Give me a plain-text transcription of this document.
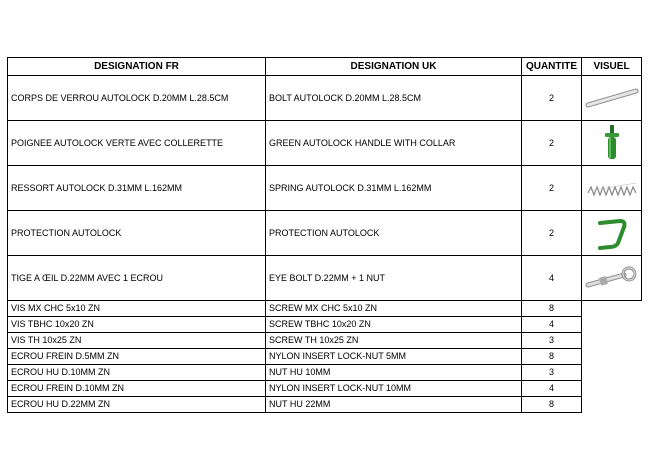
DESIGNATION FR	DESIGNATION UK	QUANTITE	VISUEL
CORPS DE VERROU AUTOLOCK D.20MM L.28.5CM	BOLT AUTOLOCK D.20MM L.28.5CM	2	

POIGNEE AUTOLOCK VERTE AVEC COLLERETTE	GREEN AUTOLOCK HANDLE WITH COLLAR	2	

RESSORT AUTOLOCK D.31MM L.162MM	SPRING AUTOLOCK D.31MM L.162MM	2	

PROTECTION AUTOLOCK	PROTECTION AUTOLOCK	2	

TIGE A ŒIL D.22MM AVEC 1 ECROU	EYE BOLT D.22MM + 1 NUT	4	

VIS MX CHC 5x10 ZN	SCREW MX CHC 5x10 ZN	8	
VIS TBHC 10x20 ZN	SCREW TBHC 10x20 ZN	4	
VIS TH 10x25 ZN	SCREW TH 10x25 ZN	3	
ECROU FREIN D.5MM ZN	NYLON INSERT LOCK-NUT 5MM	8	
ECROU HU D.10MM ZN	NUT HU 10MM	3	
ECROU FREIN D.10MM ZN	NYLON INSERT LOCK-NUT 10MM	4	
ECROU HU D.22MM ZN	NUT HU 22MM	8	
